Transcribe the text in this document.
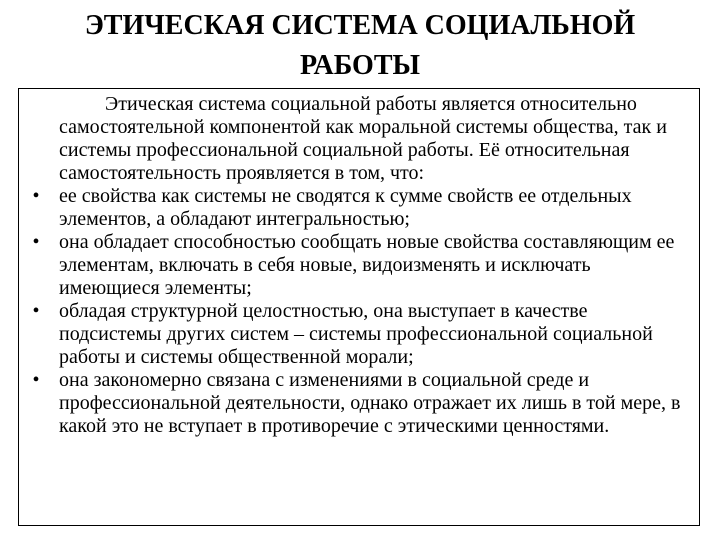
ЭТИЧЕСКАЯ СИСТЕМА СОЦИАЛЬНОЙ
РАБОТЫ

Этическая система социальной работы является относительно самостоятельной компонентой как моральной системы общества, так и системы профессиональной социальной работы. Её относительная самостоятельность проявляется в том, что:

• ее свойства как системы не сводятся к сумме свойств ее отдельных элементов, а обладают интегральностью;
• она обладает способностью сообщать новые свойства составляющим ее элементам, включать в себя новые, видоизменять и исключать имеющиеся элементы;
• обладая структурной целостностью, она выступает в качестве подсистемы других систем – системы профессиональной социальной работы и системы общественной морали;
• она закономерно связана с изменениями в социальной среде и профессиональной деятельности, однако отражает их лишь в той мере, в какой это не вступает в противоречие с этическими ценностями.
